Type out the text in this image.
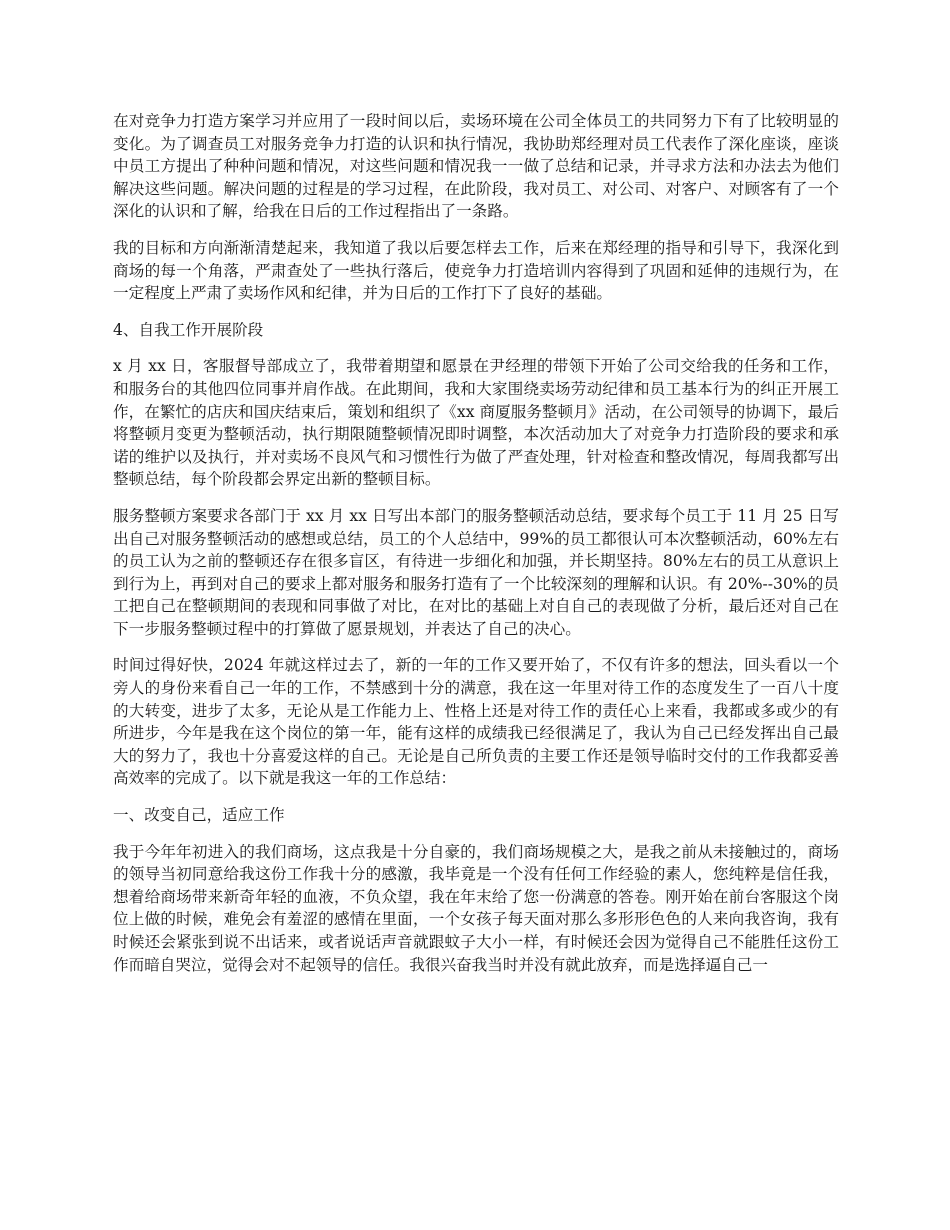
在对竞争力打造方案学习并应用了一段时间以后，卖场环境在公司全体员工的共同努力下有了比较明显的变化。为了调查员工对服务竞争力打造的认识和执行情况，我协助郑经理对员工代表作了深化座谈，座谈中员工方提出了种种问题和情况，对这些问题和情况我一一做了总结和记录，并寻求方法和办法去为他们解决这些问题。解决问题的过程是的学习过程，在此阶段，我对员工、对公司、对客户、对顾客有了一个深化的认识和了解，给我在日后的工作过程指出了一条路。

我的目标和方向渐渐清楚起来，我知道了我以后要怎样去工作，后来在郑经理的指导和引导下，我深化到商场的每一个角落，严肃查处了一些执行落后，使竞争力打造培训内容得到了巩固和延伸的违规行为，在一定程度上严肃了卖场作风和纪律，并为日后的工作打下了良好的基础。

4、自我工作开展阶段

x 月 xx 日，客服督导部成立了，我带着期望和愿景在尹经理的带领下开始了公司交给我的任务和工作，和服务台的其他四位同事并肩作战。在此期间，我和大家围绕卖场劳动纪律和员工基本行为的纠正开展工作，在繁忙的店庆和国庆结束后，策划和组织了《xx 商厦服务整顿月》活动，在公司领导的协调下，最后将整顿月变更为整顿活动，执行期限随整顿情况即时调整，本次活动加大了对竞争力打造阶段的要求和承诺的维护以及执行，并对卖场不良风气和习惯性行为做了严查处理，针对检查和整改情况，每周我都写出整顿总结，每个阶段都会界定出新的整顿目标。

服务整顿方案要求各部门于 xx 月 xx 日写出本部门的服务整顿活动总结，要求每个员工于 11 月 25 日写出自己对服务整顿活动的感想或总结，员工的个人总结中，99%的员工都很认可本次整顿活动，60%左右的员工认为之前的整顿还存在很多盲区，有待进一步细化和加强，并长期坚持。80%左右的员工从意识上到行为上，再到对自己的要求上都对服务和服务打造有了一个比较深刻的理解和认识。有 20%--30%的员工把自己在整顿期间的表现和同事做了对比，在对比的基础上对自自己的表现做了分析，最后还对自己在下一步服务整顿过程中的打算做了愿景规划，并表达了自己的决心。

时间过得好快，2024 年就这样过去了，新的一年的工作又要开始了，不仅有许多的想法，回头看以一个旁人的身份来看自己一年的工作，不禁感到十分的满意，我在这一年里对待工作的态度发生了一百八十度的大转变，进步了太多，无论从是工作能力上、性格上还是对待工作的责任心上来看，我都或多或少的有所进步，今年是我在这个岗位的第一年，能有这样的成绩我已经很满足了，我认为自己已经发挥出自己最大的努力了，我也十分喜爱这样的自己。无论是自己所负责的主要工作还是领导临时交付的工作我都妥善高效率的完成了。以下就是我这一年的工作总结：

一、改变自己，适应工作

我于今年年初进入的我们商场，这点我是十分自豪的，我们商场规模之大，是我之前从未接触过的，商场的领导当初同意给我这份工作我十分的感激，我毕竟是一个没有任何工作经验的素人，您纯粹是信任我，想着给商场带来新奇年轻的血液，不负众望，我在年末给了您一份满意的答卷。刚开始在前台客服这个岗位上做的时候，难免会有羞涩的感情在里面，一个女孩子每天面对那么多形形色色的人来向我咨询，我有时候还会紧张到说不出话来，或者说话声音就跟蚊子大小一样，有时候还会因为觉得自己不能胜任这份工作而暗自哭泣，觉得会对不起领导的信任。我很兴奋我当时并没有就此放弃，而是选择逼自己一
